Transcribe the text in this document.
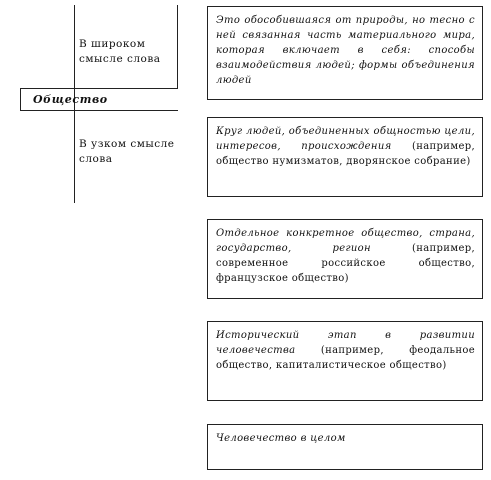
Общество
В широком смысле слова
В узком смысле слова
Это обособившаяся от природы, но тесно с ней связанная часть материального мира, которая включает в себя: способы взаимодействия людей; формы объединения людей
Круг людей, объединенных общностью цели, интересов, происхождения (например, общество нумизматов, дворянское собрание)
Отдельное конкретное общество, страна, государство, регион (например, современное российское общество, французское общество)
Исторический этап в развитии человечества (например, феодальное общество, капиталистическое общество)
Человечество в целом
